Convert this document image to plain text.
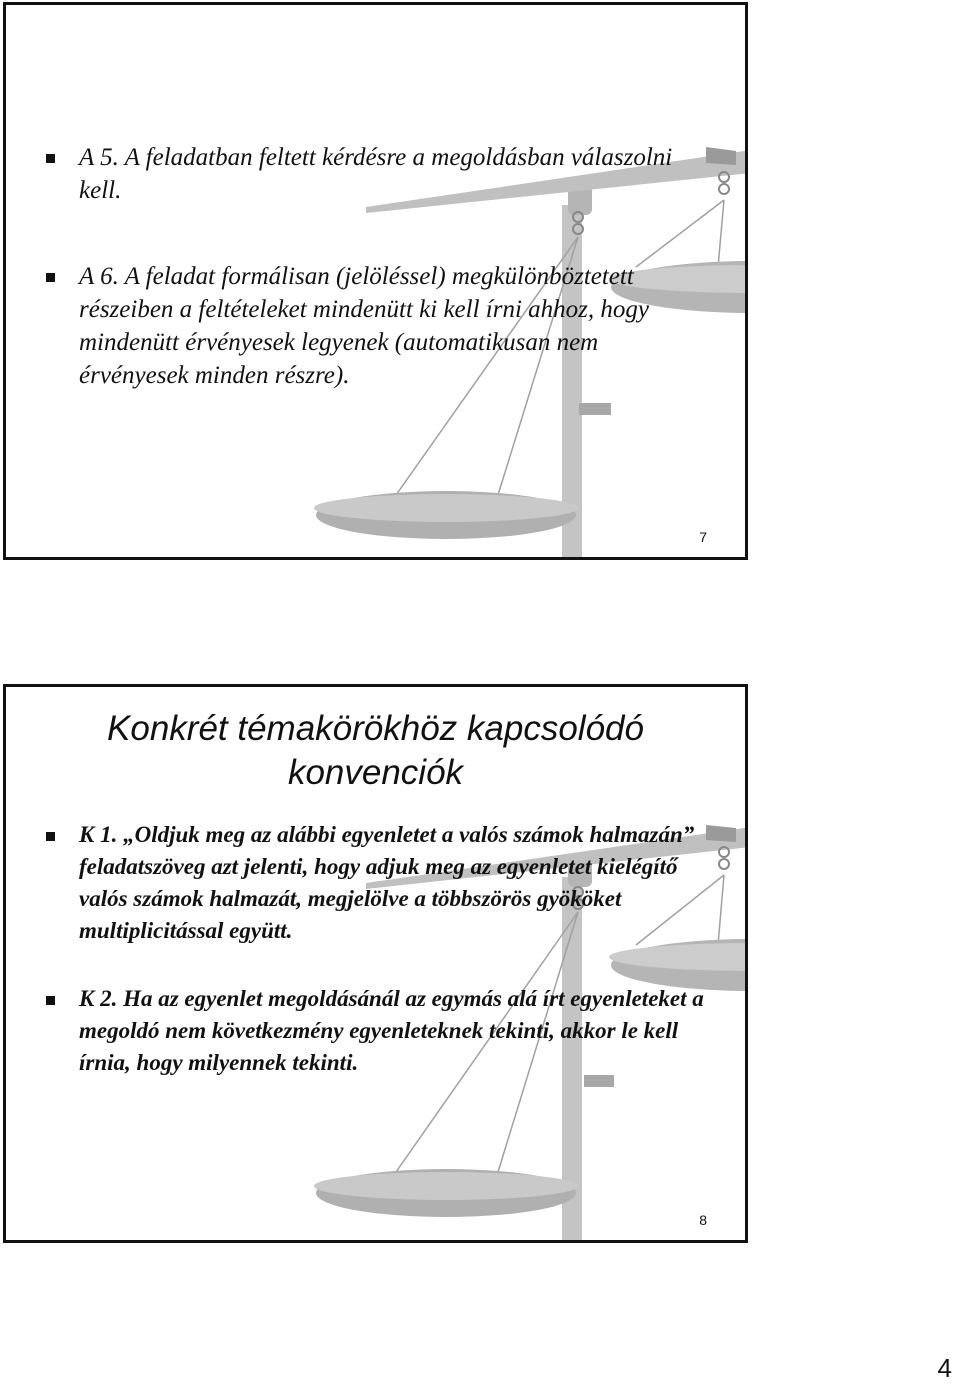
A 5. A feladatban feltett kérdésre a megoldásban válaszolni kell.
A 6. A feladat formálisan (jelöléssel) megkülönböztetett részeiben a feltételeket mindenütt ki kell írni ahhoz, hogy mindenütt érvényesek legyenek (automatikusan nem érvényesek minden részre).
7
Konkrét témakörökhöz kapcsolódó konvenciók
K 1. „Oldjuk meg az alábbi egyenletet a valós számok halmazán” feladatszöveg azt jelenti, hogy adjuk meg az egyenletet kielégítő valós számok halmazát, megjelölve a többszörös gyököket multiplicitással együtt.
K 2. Ha az egyenlet megoldásánál az egymás alá írt egyenleteket a megoldó nem következmény egyenleteknek tekinti, akkor le kell írnia, hogy milyennek tekinti.
8
4
